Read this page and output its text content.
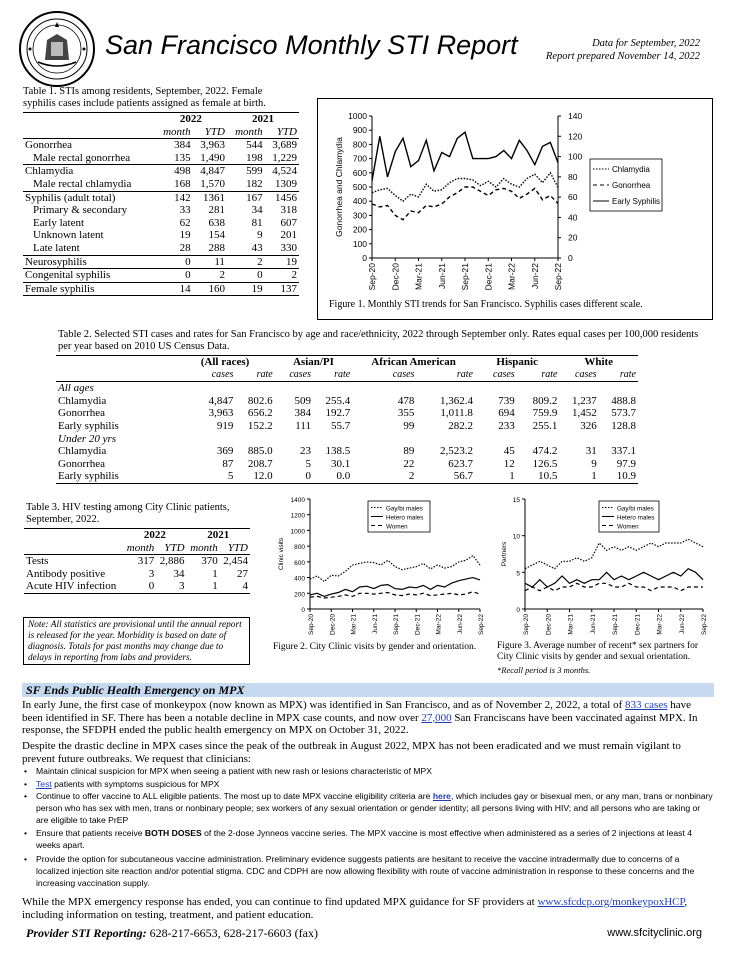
San Francisco Monthly STI Report	Data for September, 2022
Report prepared November 14, 2022
Table 1. STIs among residents, September, 2022. Female syphilis cases include patients assigned as female at birth.
	2022		2021	
	month	YTD	month	YTD
Gonorrhea	384	3,963	544	3,689
Male rectal gonorrhea	135	1,490	198	1,229
Chlamydia	498	4,847	599	4,524
Male rectal chlamydia	168	1,570	182	1309
Syphilis (adult total)	142	1361	167	1456
Primary & secondary	33	281	34	318
Early latent	62	638	81	607
Unknown latent	19	154	9	201
Late latent	28	288	43	330
Neurosyphilis	0	11	2	19
Congenital syphilis	0	2	0	2
Female syphilis	14	160	19	137
0
100
200
300
400
500
600
700
800
900
1000
0
20
40
60
80
100
120
140
Sep-20 Dec-20 Mar-21 Jun-21 Sep-21 Dec-21 Mar-22 Jun-22 Sep-22
Gonorrhea and Chlamydia	Chlamydia
Gonorrhea
Early Syphilis
Figure 1. Monthly STI trends for San Francisco. Syphilis cases different scale.
Table 2. Selected STI cases and rates for San Francisco by age and race/ethnicity, 2022 through September only. Rates equal cases per 100,000 residents per year based on 2010 US Census Data.
	(All races)		Asian/PI		African American		Hispanic		White	
	cases	rate	cases	rate	cases	rate	cases	rate	cases	rate
All ages										
Chlamydia	4,847	802.6	509	255.4	478	1,362.4	739	809.2	1,237	488.8
Gonorrhea	3,963	656.2	384	192.7	355	1,011.8	694	759.9	1,452	573.7
Early syphilis	919	152.2	111	55.7	99	282.2	233	255.1	326	128.8
Under 20 yrs										
Chlamydia	369	885.0	23	138.5	89	2,523.2	45	474.2	31	337.1
Gonorrhea	87	208.7	5	30.1	22	623.7	12	126.5	9	97.9
Early syphilis	5	12.0	0	0.0	2	56.7	1	10.5	1	10.9
Table 3. HIV testing among City Clinic patients, September, 2022.
	2022		2021	
	month	YTD	month	YTD
Tests	317	2,886	370	2,454
Antibody positive	3	34	1	27
Acute HIV infection	0	3	1	4
Note: All statistics are provisional until the annual report is released for the year. Morbidity is based on date of diagnosis. Totals for past months may change due to delays in reporting from labs and providers.
0
200
400
600
800
1000
1200
1400
Sep-20 Dec-20 Mar-21 Jun-21 Sep-21 Dec-21 Mar-22 Jun-22 Sep-22
Clinic visits
Gay/bi males
Hetero males
Women
Figure 2. City Clinic visits by gender and orientation.
0
5
10
15
Sep-20 Dec-20 Mar-21 Jun-21 Sep-21 Dec-21 Mar-22 Jun-22 Sep-22
Partners
Gay/bi males
Hetero males
Women
Figure 3. Average number of recent* sex partners for City Clinic visits by gender and sexual orientation.
*Recall period is 3 months.
SF Ends Public Health Emergency on MPX
In early June, the first case of monkeypox (now known as MPX) was identified in San Francisco, and as of November 2, 2022, a total of 833 cases have been identified in SF. There has been a notable decline in MPX case counts, and now over 27,000 San Franciscans have been vaccinated against MPX. In response, the SFDPH ended the public health emergency on MPX on October 31, 2022.
Despite the drastic decline in MPX cases since the peak of the outbreak in August 2022, MPX has not been eradicated and we must remain vigilant to prevent future outbreaks. We request that clinicians:
• Maintain clinical suspicion for MPX when seeing a patient with new rash or lesions characteristic of MPX
• Test patients with symptoms suspicious for MPX
• Continue to offer vaccine to ALL eligible patients. The most up to date MPX vaccine eligibility criteria are here, which includes gay or bisexual men, or any man, trans or nonbinary person who has sex with men, trans or nonbinary people; sex workers of any sexual orientation or gender identity; all persons living with HIV; and all persons who are taking or are eligible to take PrEP
• Ensure that patients receive BOTH DOSES of the 2-dose Jynneos vaccine series. The MPX vaccine is most effective when administered as a series of 2 injections at least 4 weeks apart.
• Provide the option for subcutaneous vaccine administration. Preliminary evidence suggests patients are hesitant to receive the vaccine intradermally due to concerns of a localized injection site reaction and/or potential stigma. CDC and CDPH are now allowing flexibility with route of vaccine administration in response to these concerns and the increasing vaccination supply.
While the MPX emergency response has ended, you can continue to find updated MPX guidance for SF providers at www.sfcdcp.org/monkeypoxHCP, including information on testing, treatment, and patient education.
Provider STI Reporting: 628-217-6653, 628-217-6603 (fax)	www.sfcityclinic.org
